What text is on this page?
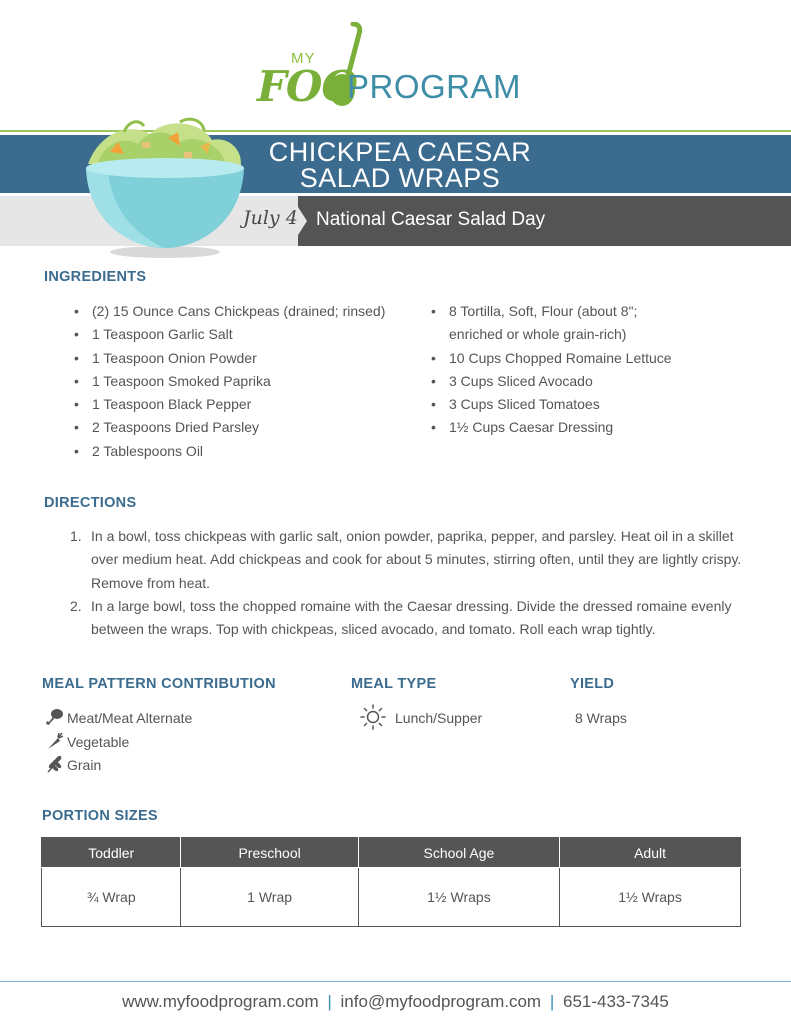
MY
FOO
PROGRAM
CHICKPEA CAESAR
SALAD WRAPS
July 4 National Caesar Salad Day
INGREDIENTS
• (2) 15 Ounce Cans Chickpeas (drained; rinsed)
• 1 Teaspoon Garlic Salt
• 1 Teaspoon Onion Powder
• 1 Teaspoon Smoked Paprika
• 1 Teaspoon Black Pepper
• 2 Teaspoons Dried Parsley
• 2 Tablespoons Oil
• 8 Tortilla, Soft, Flour (about 8";
enriched or whole grain-rich)
• 10 Cups Chopped Romaine Lettuce
• 3 Cups Sliced Avocado
• 3 Cups Sliced Tomatoes
• 1½ Cups Caesar Dressing
DIRECTIONS
1. In a bowl, toss chickpeas with garlic salt, onion powder, paprika, pepper, and parsley. Heat oil in a skillet over medium heat. Add chickpeas and cook for about 5 minutes, stirring often, until they are lightly crispy. Remove from heat.
2. In a large bowl, toss the chopped romaine with the Caesar dressing. Divide the dressed romaine evenly between the wraps. Top with chickpeas, sliced avocado, and tomato. Roll each wrap tightly.
MEAL PATTERN CONTRIBUTION
Meat/Meat Alternate
Vegetable
Grain
MEAL TYPE
Lunch/Supper
YIELD
8 Wraps
PORTION SIZES
Toddler	Preschool	School Age	Adult
¾ Wrap	1 Wrap	1½ Wraps	1½ Wraps
www.myfoodprogram.com | info@myfoodprogram.com | 651-433-7345
